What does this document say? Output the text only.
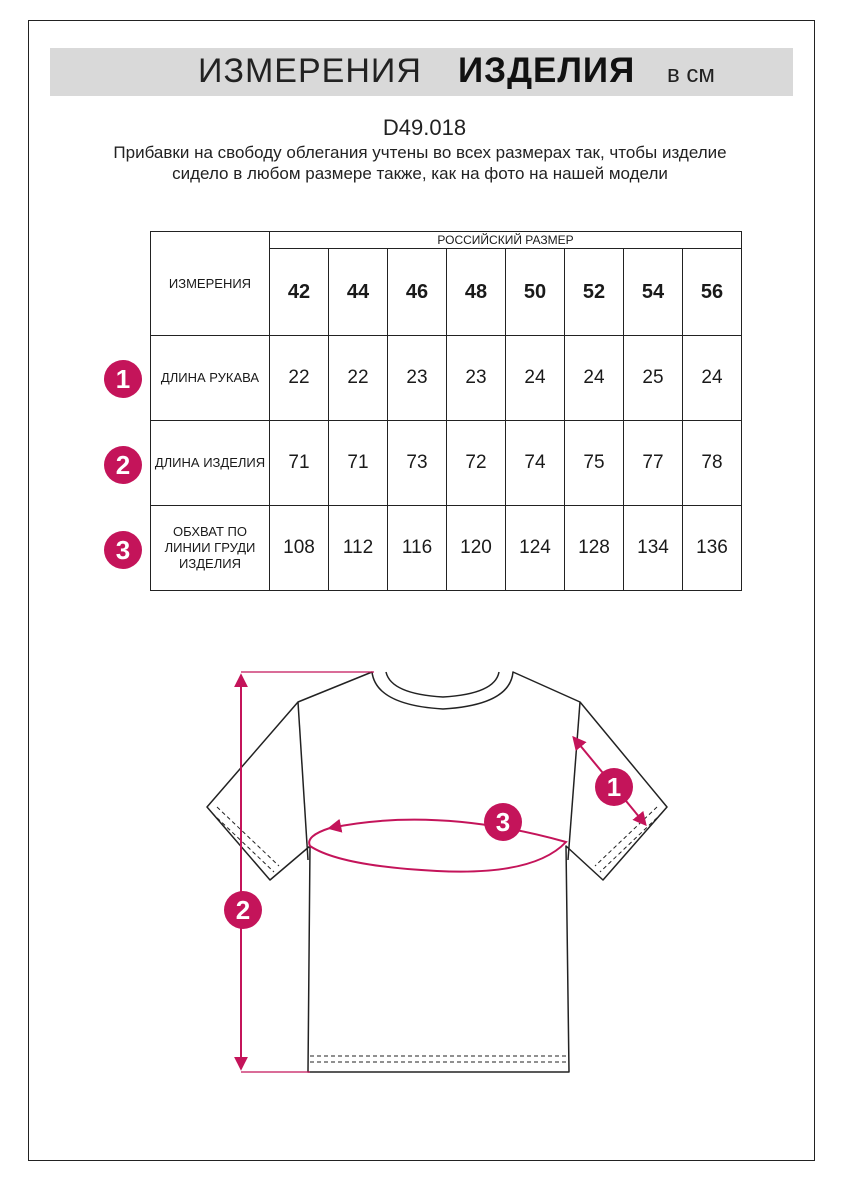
ИЗМЕРЕНИЯ ИЗДЕЛИЯ в см
D49.018
Прибавки на свободу облегания учтены во всех размерах так, чтобы изделие сидело в любом размере также, как на фото на нашей модели
ИЗМЕРЕНИЯ	РОССИЙСКИЙ РАЗМЕР							
	42	44	46	48	50	52	54	56
ДЛИНА РУКАВА	22	22	23	23	24	24	25	24
ДЛИНА ИЗДЕЛИЯ	71	71	73	72	74	75	77	78
ОБХВАТ ПО ЛИНИИ ГРУДИ ИЗДЕЛИЯ	108	112	116	120	124	128	134	136
1
2
3
2
1
3
